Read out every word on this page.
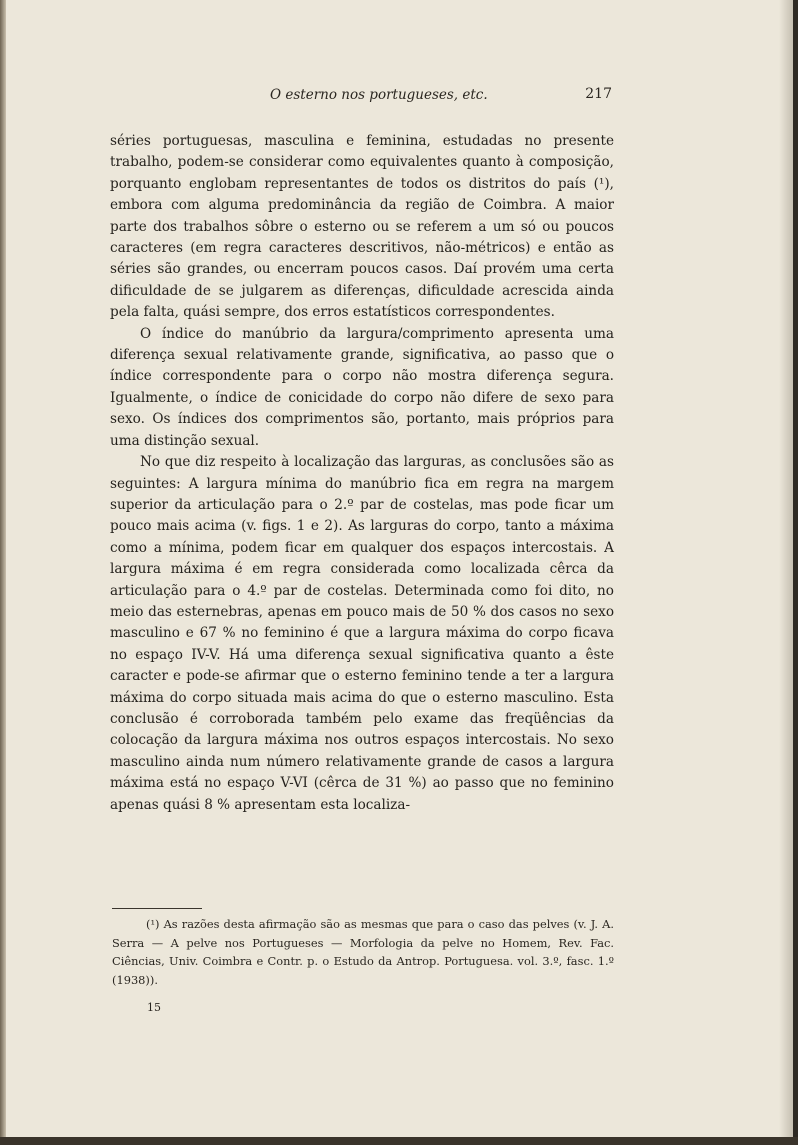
O esterno nos portugueses, etc.	217

séries portuguesas, masculina e feminina, estudadas no presente trabalho, podem-se considerar como equivalentes quanto à composição, porquanto englobam representantes de todos os distritos do país (¹), embora com alguma predominância da região de Coimbra. A maior parte dos trabalhos sôbre o esterno ou se referem a um só ou poucos caracteres (em regra caracteres descritivos, não-métricos) e então as séries são grandes, ou encerram poucos casos. Daí provém uma certa dificuldade de se julgarem as diferenças, dificuldade acrescida ainda pela falta, quási sempre, dos erros estatísticos correspondentes.

O índice do manúbrio da largura/comprimento apresenta uma diferença sexual relativamente grande, significativa, ao passo que o índice correspondente para o corpo não mostra diferença segura. Igualmente, o índice de conicidade do corpo não difere de sexo para sexo. Os índices dos comprimentos são, portanto, mais próprios para uma distinção sexual.

No que diz respeito à localização das larguras, as conclusões são as seguintes: A largura mínima do manúbrio fica em regra na margem superior da articulação para o 2.º par de costelas, mas pode ficar um pouco mais acima (v. figs. 1 e 2). As larguras do corpo, tanto a máxima como a mínima, podem ficar em qualquer dos espaços intercostais. A largura máxima é em regra considerada como localizada cêrca da articulação para o 4.º par de costelas. Determinada como foi dito, no meio das esternebras, apenas em pouco mais de 50 % dos casos no sexo masculino e 67 % no feminino é que a largura máxima do corpo ficava no espaço IV-V. Há uma diferença sexual significativa quanto a êste caracter e pode-se afirmar que o esterno feminino tende a ter a largura máxima do corpo situada mais acima do que o esterno masculino. Esta conclusão é corroborada também pelo exame das freqüências da colocação da largura máxima nos outros espaços intercostais. No sexo masculino ainda num número relativamente grande de casos a largura máxima está no espaço V-VI (cêrca de 31 %) ao passo que no feminino apenas quási 8 % apresentam esta localiza-

(¹) As razões desta afirmação são as mesmas que para o caso das pelves (v. J. A. Serra — A pelve nos Portugueses — Morfologia da pelve no Homem, Rev. Fac. Ciências, Univ. Coimbra e Contr. p. o Estudo da Antrop. Portuguesa. vol. 3.º, fasc. 1.º (1938)).

15
